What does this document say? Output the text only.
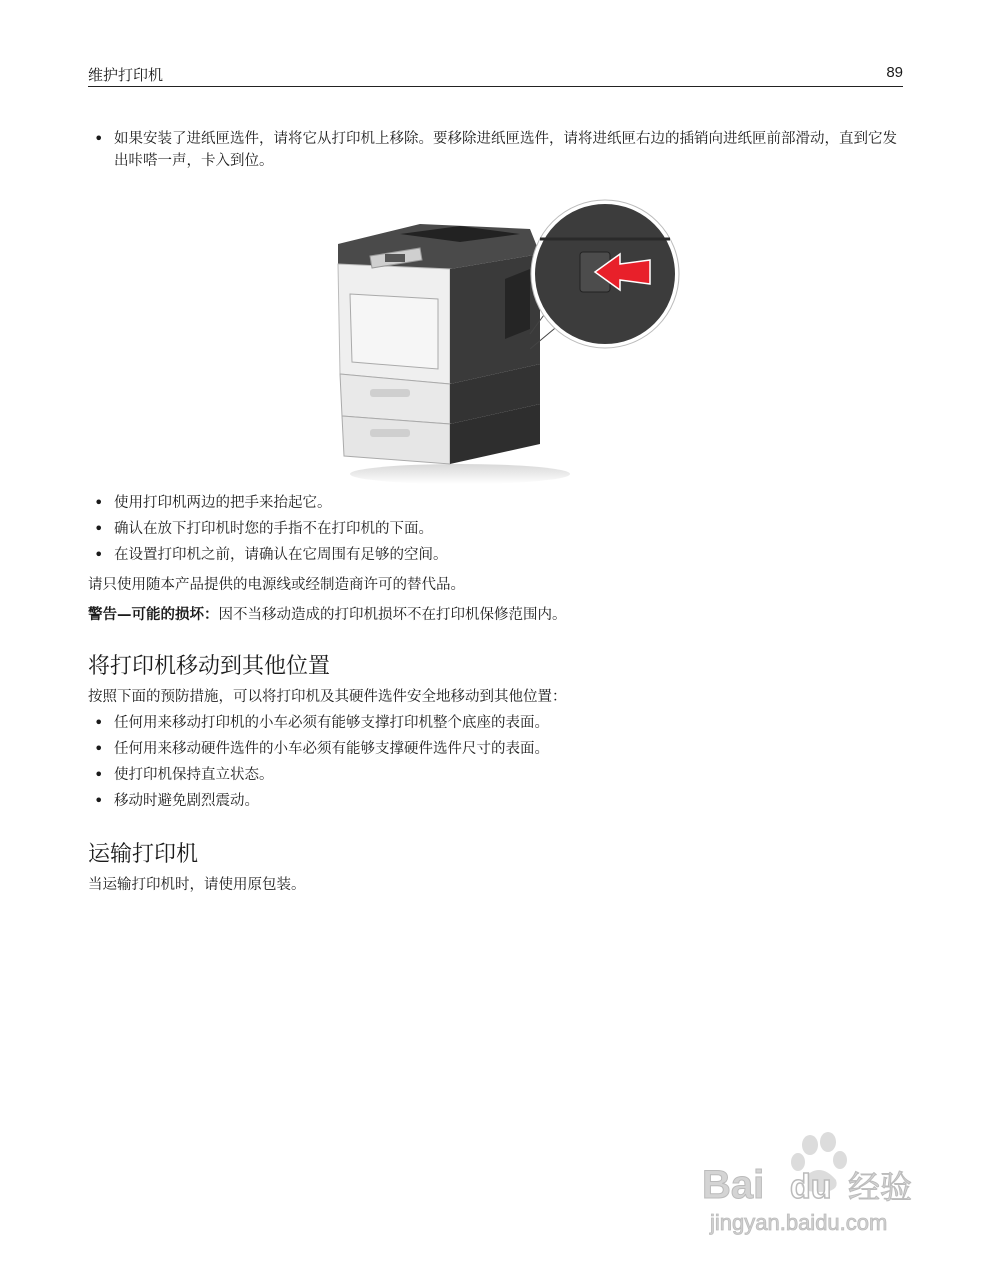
维护打印机	89
• 如果安装了进纸匣选件，请将它从打印机上移除。要移除进纸匣选件，请将进纸匣右边的插销向进纸匣前部滑动，直到它发出咔嗒一声，卡入到位。
• 使用打印机两边的把手来抬起它。
• 确认在放下打印机时您的手指不在打印机的下面。
• 在设置打印机之前，请确认在它周围有足够的空间。

请只使用随本产品提供的电源线或经制造商许可的替代品。

警告—可能的损坏：因不当移动造成的打印机损坏不在打印机保修范围内。

将打印机移动到其他位置

按照下面的预防措施，可以将打印机及其硬件选件安全地移动到其他位置：

• 任何用来移动打印机的小车必须有能够支撑打印机整个底座的表面。
• 任何用来移动硬件选件的小车必须有能够支撑硬件选件尺寸的表面。
• 使打印机保持直立状态。
• 移动时避免剧烈震动。
运输打印机

当运输打印机时，请使用原包装。

Bai du 经验
jingyan.baidu.com
